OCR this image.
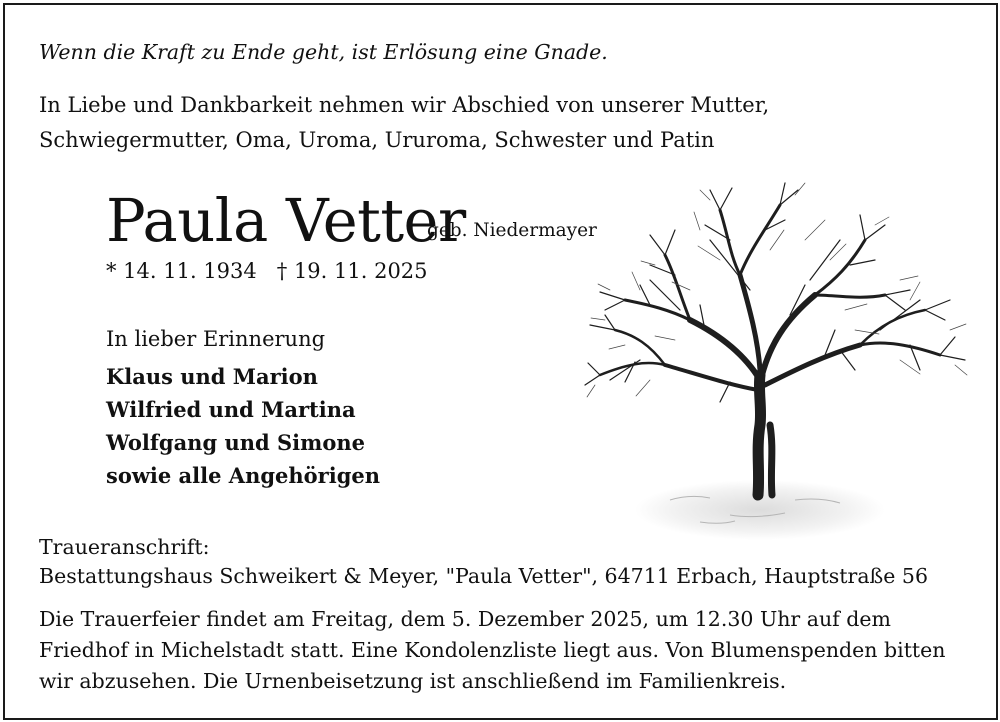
Wenn die Kraft zu Ende geht, ist Erlösung eine Gnade.
In Liebe und Dankbarkeit nehmen wir Abschied von unserer Mutter,
Schwiegermutter, Oma, Uroma, Ururoma, Schwester und Patin
Paula Vetter
geb. Niedermayer
* 14. 11. 1934 † 19. 11. 2025
In lieber Erinnerung
Klaus und Marion
Wilfried und Martina
Wolfgang und Simone
sowie alle Angehörigen
Traueranschrift:
Bestattungshaus Schweikert & Meyer, "Paula Vetter", 64711 Erbach, Hauptstraße 56
Die Trauerfeier findet am Freitag, dem 5. Dezember 2025, um 12.30 Uhr auf dem
Friedhof in Michelstadt statt. Eine Kondolenzliste liegt aus. Von Blumenspenden bitten
wir abzusehen. Die Urnenbeisetzung ist anschließend im Familienkreis.
